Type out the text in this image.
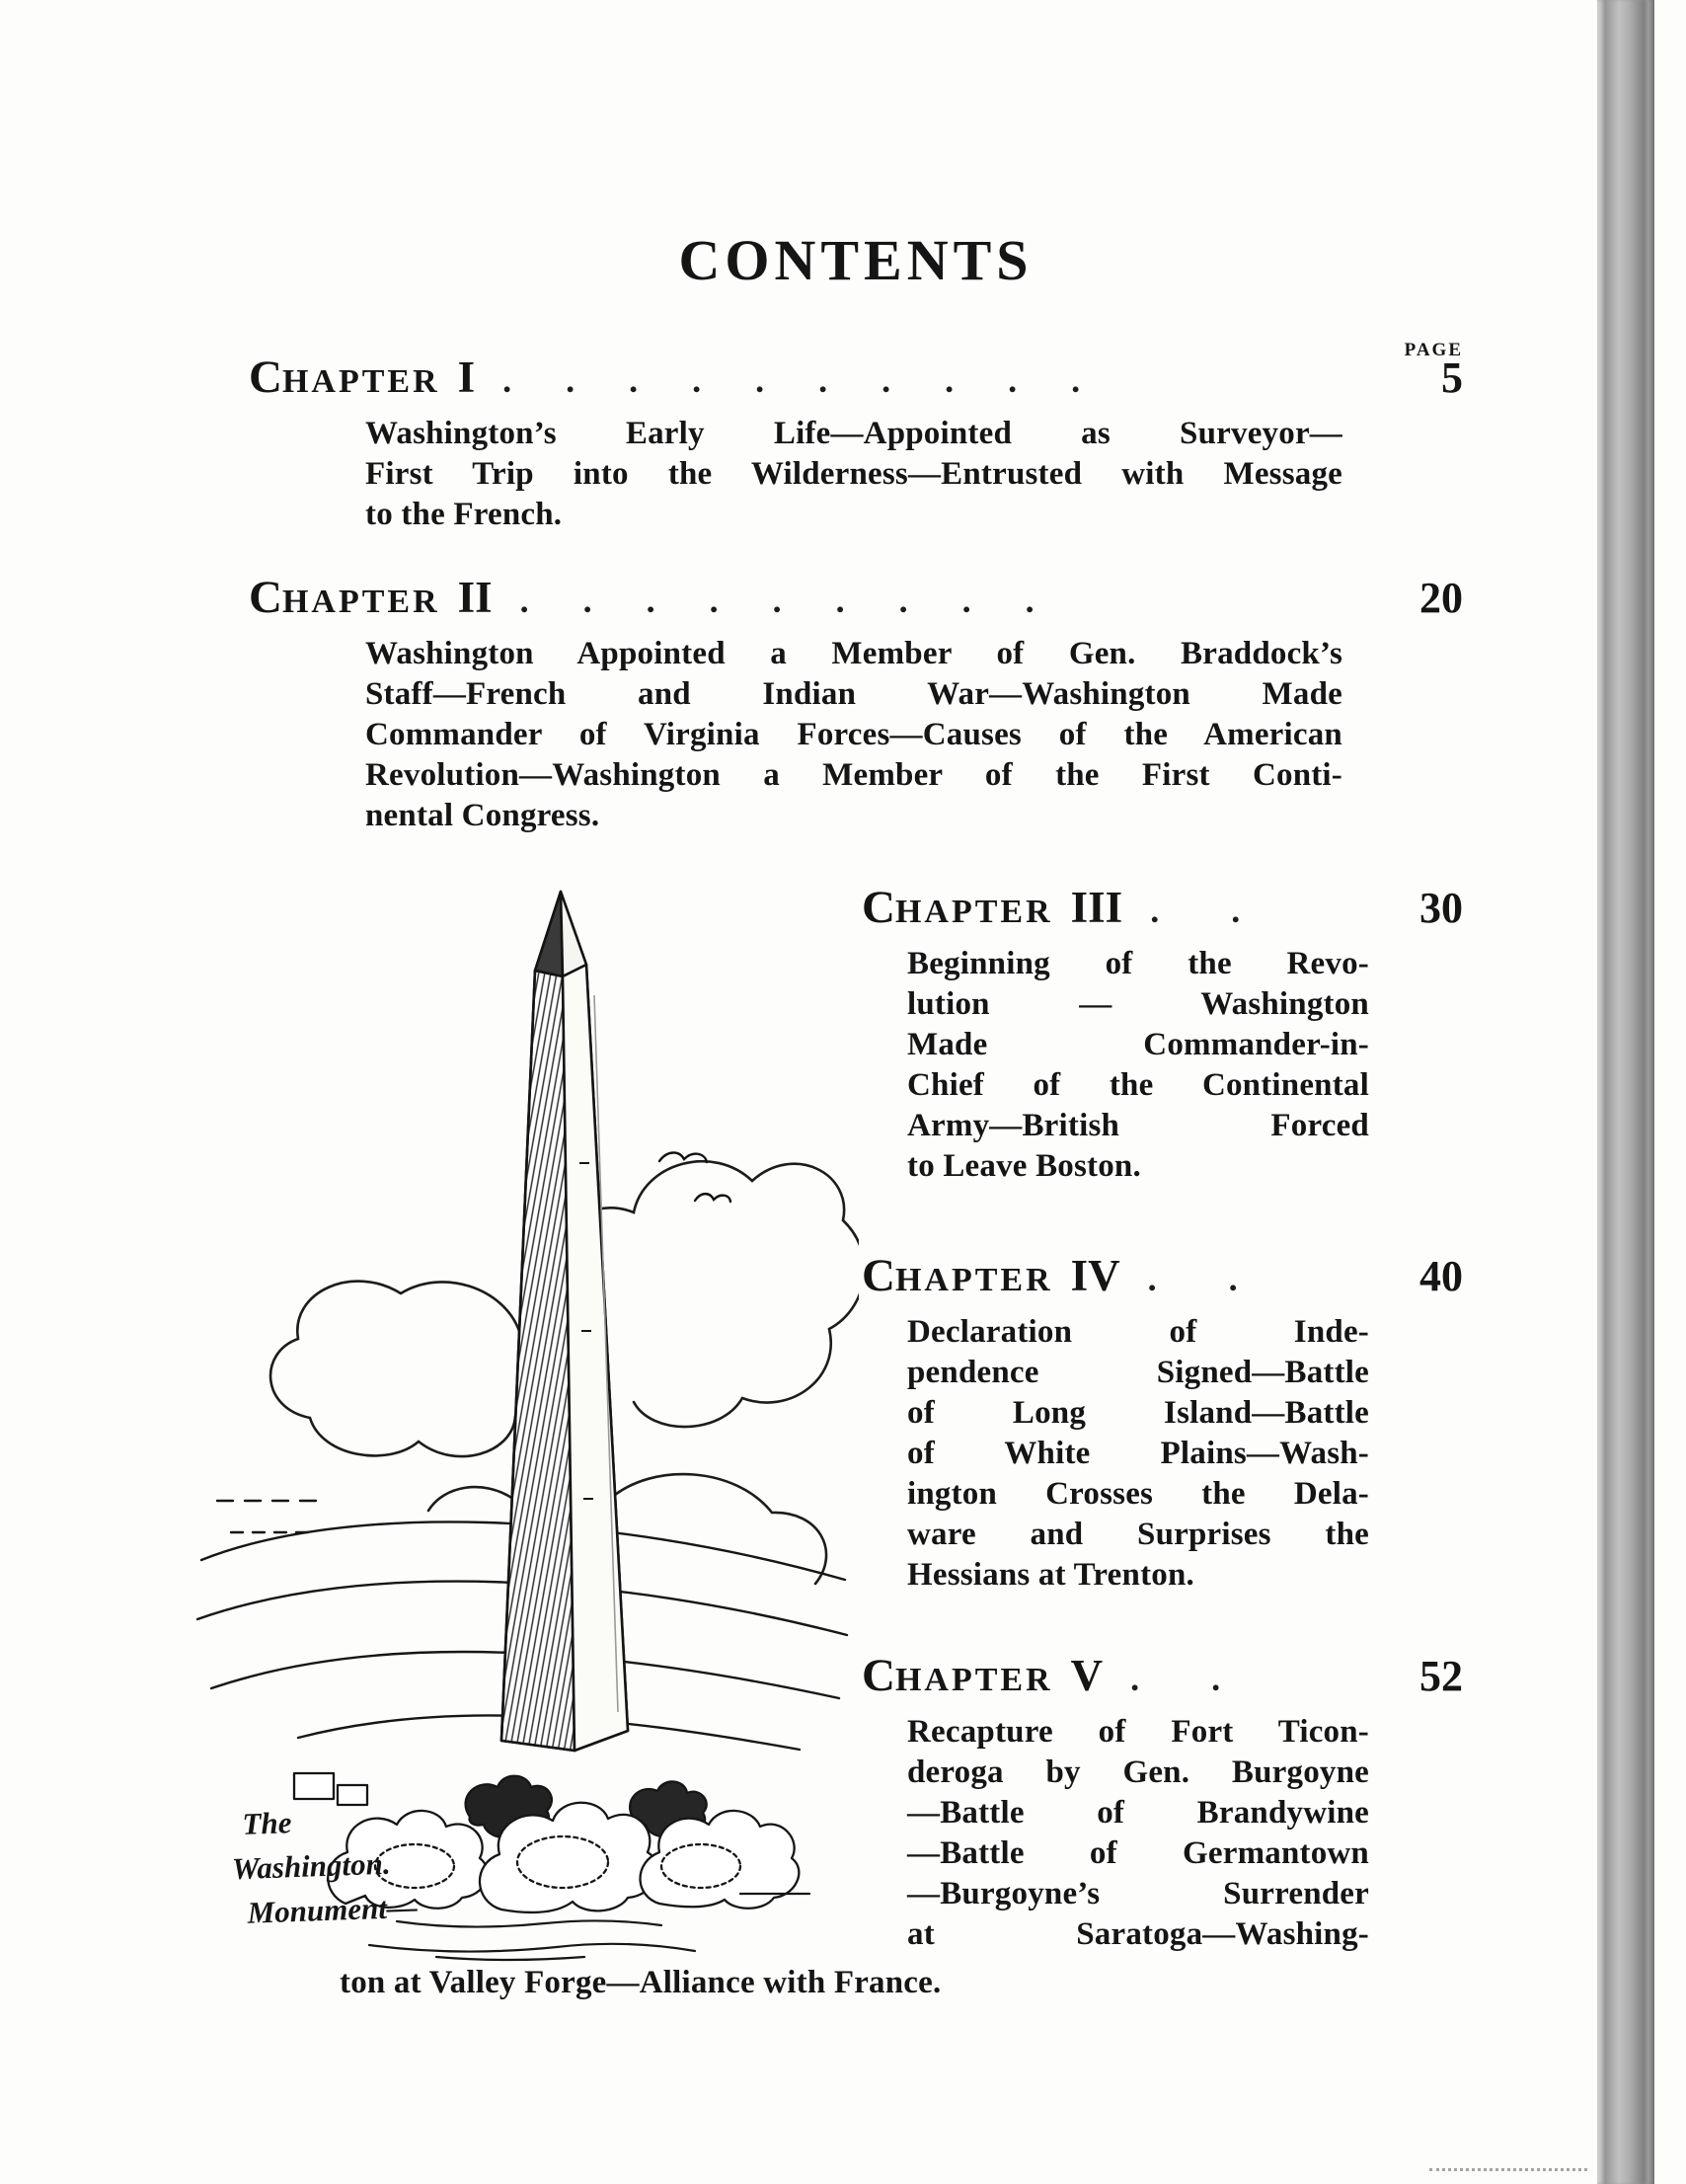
CONTENTS
PAGE
CHAPTER I . . . . . . . . . .	5
Washington’s Early Life—Appointed as Surveyor—
First Trip into the Wilderness—Entrusted with Message
to the French.
CHAPTER II . . . . . . . . .	20
Washington Appointed a Member of Gen. Braddock’s
Staff—French and Indian War—Washington Made
Commander of Virginia Forces—Causes of the American
Revolution—Washington a Member of the First Conti-
nental Congress.
CHAPTER III . .	30
Beginning of the Revo-
lution — Washington
Made Commander-in-
Chief of the Continental
Army—British Forced
to Leave Boston.
CHAPTER IV . .	40
Declaration of Inde-
pendence Signed—Battle
of Long Island—Battle
of White Plains—Wash-
ington Crosses the Dela-
ware and Surprises the
Hessians at Trenton.
CHAPTER V . .	52
Recapture of Fort Ticon-
deroga by Gen. Burgoyne
—Battle of Brandywine
—Battle of Germantown
—Burgoyne’s Surrender
at Saratoga—Washing-
The
Washington.
Monument—
ton at Valley Forge—Alliance with France.
